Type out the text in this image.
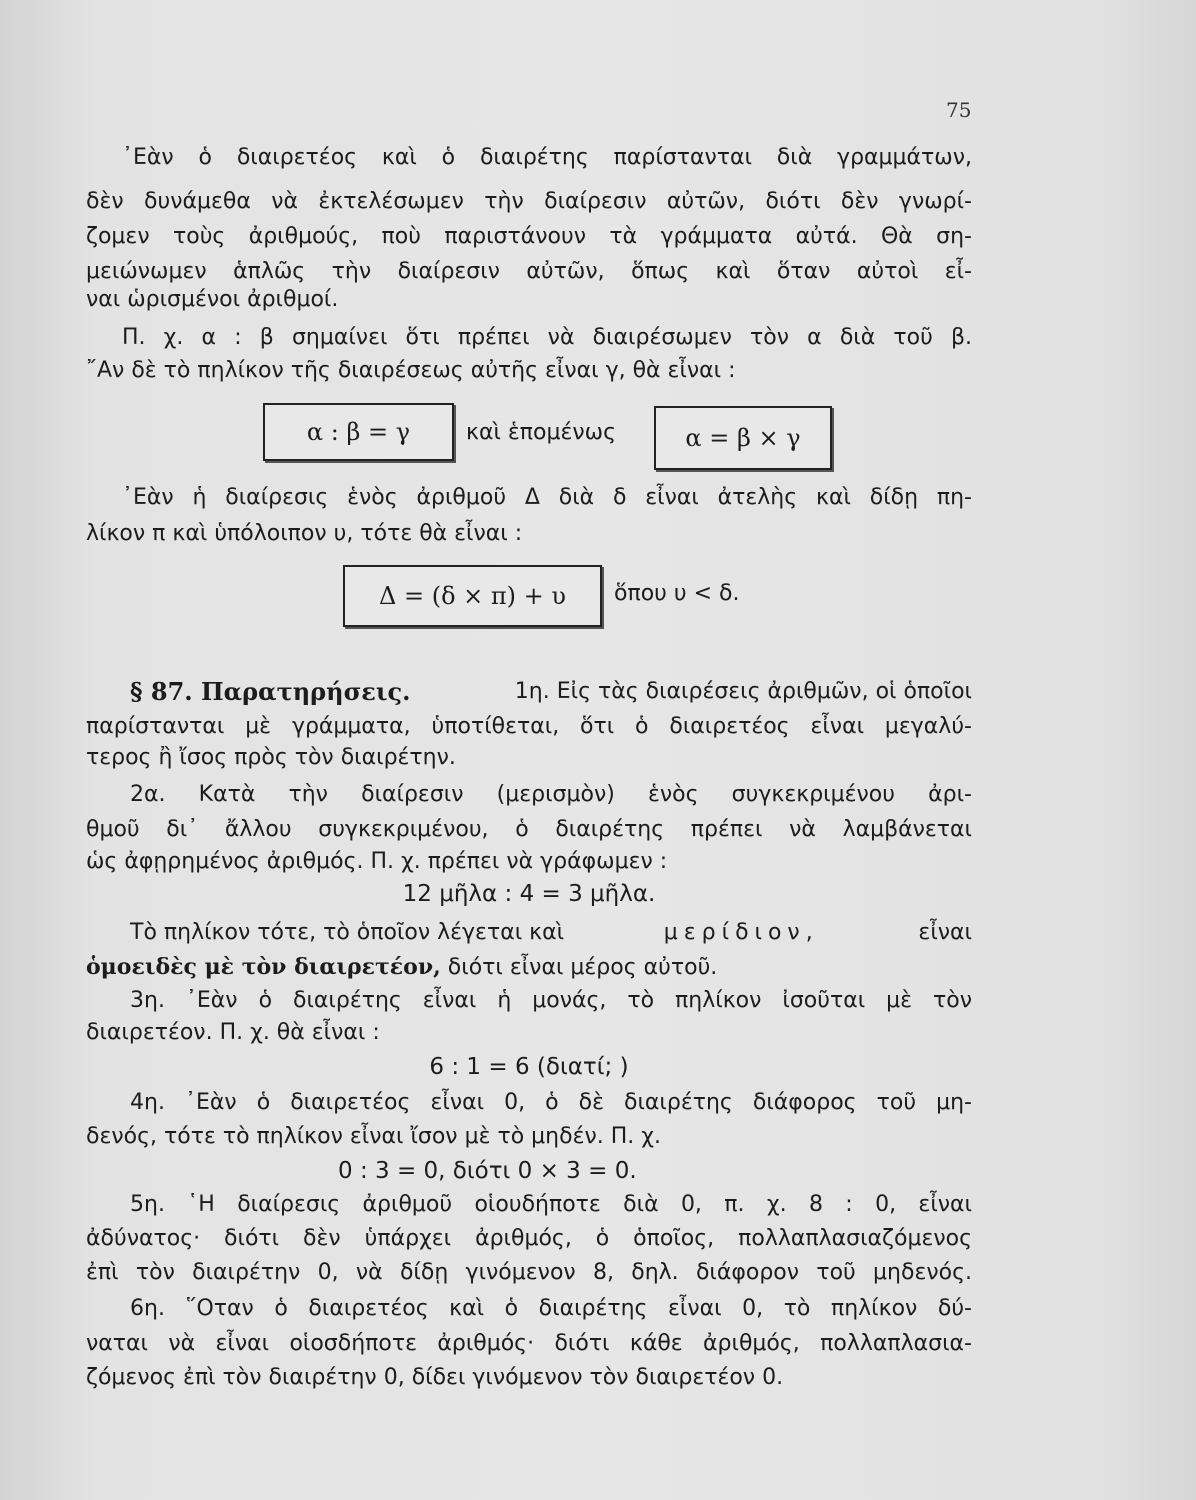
75
᾿Εὰν ὁ διαιρετέος καὶ ὁ διαιρέτης παρίστανται διὰ γραμμάτων,
δὲν δυνάμεθα νὰ ἐκτελέσωμεν τὴν διαίρεσιν αὐτῶν, διότι δὲν γνωρί-
ζομεν τοὺς ἀριθμούς, ποὺ παριστάνουν τὰ γράμματα αὐτά. Θὰ ση-
μειώνωμεν ἁπλῶς τὴν διαίρεσιν αὐτῶν, ὅπως καὶ ὅταν αὐτοὶ εἶ-
ναι ὡρισμένοι ἀριθμοί.
Π. χ. α : β σημαίνει ὅτι πρέπει νὰ διαιρέσωμεν τὸν α διὰ τοῦ β.
῎Αν δὲ τὸ πηλίκον τῆς διαιρέσεως αὐτῆς εἶναι γ, θὰ εἶναι :
α : β = γ	καὶ ἑπομένως	α = β × γ
᾿Εὰν ἡ διαίρεσις ἑνὸς ἀριθμοῦ Δ διὰ δ εἶναι ἀτελὴς καὶ δίδῃ πη-
λίκον π καὶ ὑπόλοιπον υ, τότε θὰ εἶναι :
Δ = (δ × π) + υ ὅπου υ < δ.
§ 87. Παρατηρήσεις.	1η. Εἰς τὰς διαιρέσεις ἀριθμῶν, οἱ ὁποῖοι
παρίστανται μὲ γράμματα, ὑποτίθεται, ὅτι ὁ διαιρετέος εἶναι μεγαλύ-
τερος ἢ ἴσος πρὸς τὸν διαιρέτην.
2α. Κατὰ τὴν διαίρεσιν (μερισμὸν) ἑνὸς συγκεκριμένου ἀρι-
θμοῦ δι᾿ ἄλλου συγκεκριμένου, ὁ διαιρέτης πρέπει νὰ λαμβάνεται
ὡς ἀφῃρημένος ἀριθμός. Π. χ. πρέπει νὰ γράφωμεν :
12 μῆλα : 4 = 3 μῆλα.
Τὸ πηλίκον τότε, τὸ ὁποῖον λέγεται καὶ	μερίδιον,	εἶναι
ὁμοειδὲς μὲ τὸν διαιρετέον, διότι εἶναι μέρος αὐτοῦ.
3η. ᾿Εὰν ὁ διαιρέτης εἶναι ἡ μονάς, τὸ πηλίκον ἰσοῦται μὲ τὸν
διαιρετέον. Π. χ. θὰ εἶναι :
6 : 1 = 6 (διατί; )
4η. ᾿Εὰν ὁ διαιρετέος εἶναι 0, ὁ δὲ διαιρέτης διάφορος τοῦ μη-
δενός, τότε τὸ πηλίκον εἶναι ἴσον μὲ τὸ μηδέν. Π. χ.
0 : 3 = 0, διότι 0 × 3 = 0.
5η. ῾Η διαίρεσις ἀριθμοῦ οἱουδήποτε διὰ 0, π. χ. 8 : 0, εἶναι
ἀδύνατος· διότι δὲν ὑπάρχει ἀριθμός, ὁ ὁποῖος, πολλαπλασιαζόμενος
ἐπὶ τὸν διαιρέτην 0, νὰ δίδῃ γινόμενον 8, δηλ. διάφορον τοῦ μηδενός.
6η. ῞Οταν ὁ διαιρετέος καὶ ὁ διαιρέτης εἶναι 0, τὸ πηλίκον δύ-
ναται νὰ εἶναι οἱοσδήποτε ἀριθμός· διότι κάθε ἀριθμός, πολλαπλασια-
ζόμενος ἐπὶ τὸν διαιρέτην 0, δίδει γινόμενον τὸν διαιρετέον 0.
